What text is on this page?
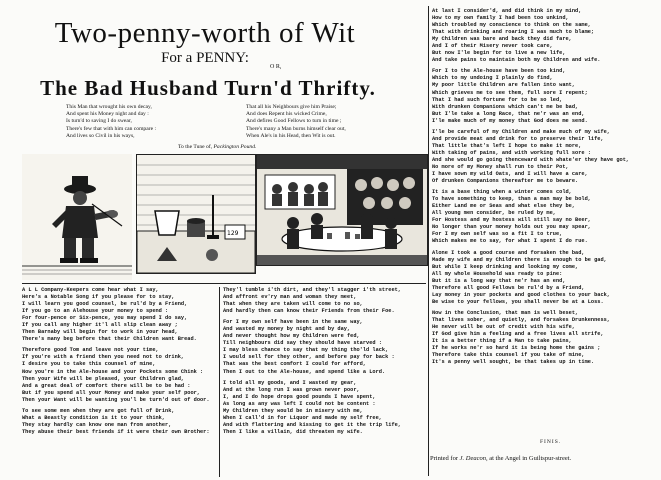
Two-penny-worth of Wit
For a PENNY:
O R,
The Bad Husband Turn'd Thrifty.
This Man that wrought his own decay,
And spent his Money night and day :
Is turn'd to saving I do swear,
There's few that with him can compare :
And lives so Civil in his ways,
That all his Neighbours give him Praise;
And does Repent his wicked Crime,
And defires Good Fellows to turn in time ;
There's many a Man burns himself clear out,
When Ale's in his Head, then Wit is out.
To the Tune of, Packington Pound.
129

A L L Company-Keepers come hear what I say,

Here's a Notable Song if you please for to stay,

I will learn you good counsel, be rul'd by a Friend,

If you go to an Alehouse your money to spend :

For four-pence or Six-pence, you may spend I do say,

If you call any higher it'l all slip clean away ;

Then Barnaby will begin for to work in your head,

There's many beg before that their Children want Bread.

Therefore good Tom and leave not your time,

If you're with a friend then you need not to drink,

I desire you to take this counsel of mine,

Now you're in the Ale-house and your Pockets some Chink :

Then your Wife will be pleased, your Children glad,

And a great deal of comfort there will be to be had :

But if you spend all your Money and make your self poor,

Then your Want will be wanting you'l be turn'd out of door.

To see some men when they are got full of Drink,

What a Beastly condition is it to your think,

They stay hardly can know one man from another,

They abuse their best friends if it were their own Brother:

They'l tumble i'th dirt, and they'l stagger i'th street,

And affront ev'ry man and woman they meet,

That when they are taken will come to no so,

And hardly then can know their Friends from their Foe.

For I my own self have been in the same way,

And wasted my money by night and by day,

And never thought how my Children were fed,

Till neighbours did say they should have starved :

I may bless chance to say that my thing tho'ld lack,

I would sell for they other, and before pay for back :

That was the best comfort I could for afford,

Then I out to the Ale-house, and spend like a Lord.

I told all my goods, and I wasted my gear,

And at the long run I was grown never poor,

I, and I do hope drops good pounds I have spent,

As long as any was left I could not be content :

My Children they would be in misery with me,

When I call'd in for Liquor and made my self free,

And with flattering and kissing to get it the trip life,

Then I like a villain, did threaten my wife.

At last I consider'd, and did think in my mind,

How to my own family I had been too unkind,

Which troubled my conscience to think on the same,

That with drinking and roaring I was much to blame;

My Children was bare and back they did fare,

And I of their Misery never took care,

But now I'le begin for to live a new life,

And take pains to maintain both my Children and wife.

For I to the Ale-house have been too kind,

Which to my undoing I plainly do find,

My poor little Children are fallen into want,

Which grieves me to see them, full sore I repent;

That I had such fortune for to be so led,

With drunken Companions which can't me be bad,

But I'le take a long Race, that ne'r was an end,

I'le make much of my money that God does me send.

I'le be careful of my Children and make much of my wife,

And provide meat and drink for to preserve their life,

That little that's left I hope to make it more,

With taking of pains, and with working full sore :

And she would go going thenceward with whate'er they have got,

No more of my Money shall run to their Pot,

I have sown my wild Oats, and I will have a care,

Of drunken Companions thereafter me to beware.

It is a base thing when a winter comes cold,

To have something to keep, than a man may be bold,

Either Land me or Seas and what else they be,

All young men consider, be ruled by me,

For Hostess and my hostess will still say no Beer,

No longer than your money holds out you may spear,

For I my own self was so a fit I to true,

Which makes me to say, for what I spent I do rue.

Alone I took a good course and forsaken the bad,

Made my wife and my Children there is enough to be gad,

But while I keep drinking and looking my come,

All my whole Household was ready to pine:

But it is a long way that ne'r has an end,

Therefore all good Fellows be rul'd by a Friend,

Lay money in your pockets and good clothes to your back,

Be wise to your fellows, you shall never be at a Loss.

Now in the Conclusion, that man is well beset,

That lives sober, and quietly, and forsakes Drunkenness,

He never will be out of credit with his wife,

If God give him a feeling and a free lives all strife,

It is a better thing if a Man to take pains,

If he works ne'r so hard it is being home the gains ;

Therefore take this counsel if you take of mine,

It's a penny well sought, be that takes up in time.

FINIS.
Printed for J. Deacon, at the Angel in Guiltspur-street.
